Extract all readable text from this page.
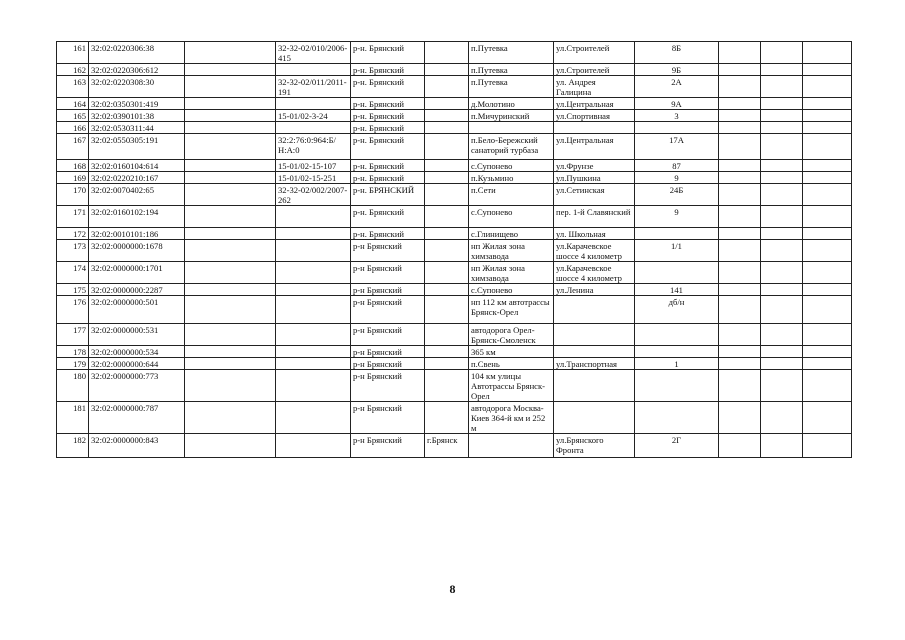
161	32:02:0220306:38		32-32-02/010/2006-415	р-н. Брянский		п.Путевка	ул.Строителей	8Б			
162	32:02:0220306:612			р-н. Брянский		п.Путевка	ул.Строителей	9Б			
163	32:02:0220308:30		32-32-02/011/2011-191	р-н. Брянский		п.Путевка	ул. Андрея Галицина	2А			
164	32:02:0350301:419			р-н. Брянский		д.Молотино	ул.Центральная	9А			
165	32:02:0390101:38		15-01/02-3-24	р-н. Брянский		п.Мичуринский	ул.Спортивная	3			
166	32:02:0530311:44			р-н. Брянский							
167	32:02:0550305:191		32:2:76:0:964:Б/Н:А:0	р-н. Брянский		п.Бело-Бережский санаторий турбаза	ул.Центральная	17А			
168	32:02:0160104:614		15-01/02-15-107	р-н. Брянский		с.Супонево	ул.Фрунзе	87			
169	32:02:0220210:167		15-01/02-15-251	р-н. Брянский		п.Кузьмино	ул.Пушкина	9			
170	32:02:0070402:65		32-32-02/002/2007-262	р-н. БРЯНСКИЙ		п.Сети	ул.Сетинская	24Б			
171	32:02:0160102:194			р-н. Брянский		с.Супонево	пер. 1-й Славянский	9			
172	32:02:0010101:186			р-н. Брянский		с.Глинищево	ул. Школьная				
173	32:02:0000000:1678			р-н Брянский		нп Жилая зона химзавода	ул.Карачевское шоссе 4 километр	1/1			
174	32:02:0000000:1701			р-н Брянский		нп Жилая зона химзавода	ул.Карачевское шоссе 4 километр				
175	32:02:0000000:2287			р-н Брянский		с.Супонево	ул.Ленина	141			
176	32:02:0000000:501			р-н Брянский		нп 112 км автотрассы Брянск-Орел		дб/н			
177	32:02:0000000:531			р-н Брянский		автодорога Орел-Брянск-Смоленск					
178	32:02:0000000:534			р-н Брянский		365 км					
179	32:02:0000000:644			р-н Брянский		п.Свень	ул.Транспортная	1			
180	32:02:0000000:773			р-н Брянский		104 км улицы Автотрассы Брянск-Орел					
181	32:02:0000000:787			р-н Брянский		автодорога Москва-Киев 364-й км и 252 м					
182	32:02:0000000:843			р-н Брянский	г.Брянск		ул.Брянского Фронта	2Г			
8
